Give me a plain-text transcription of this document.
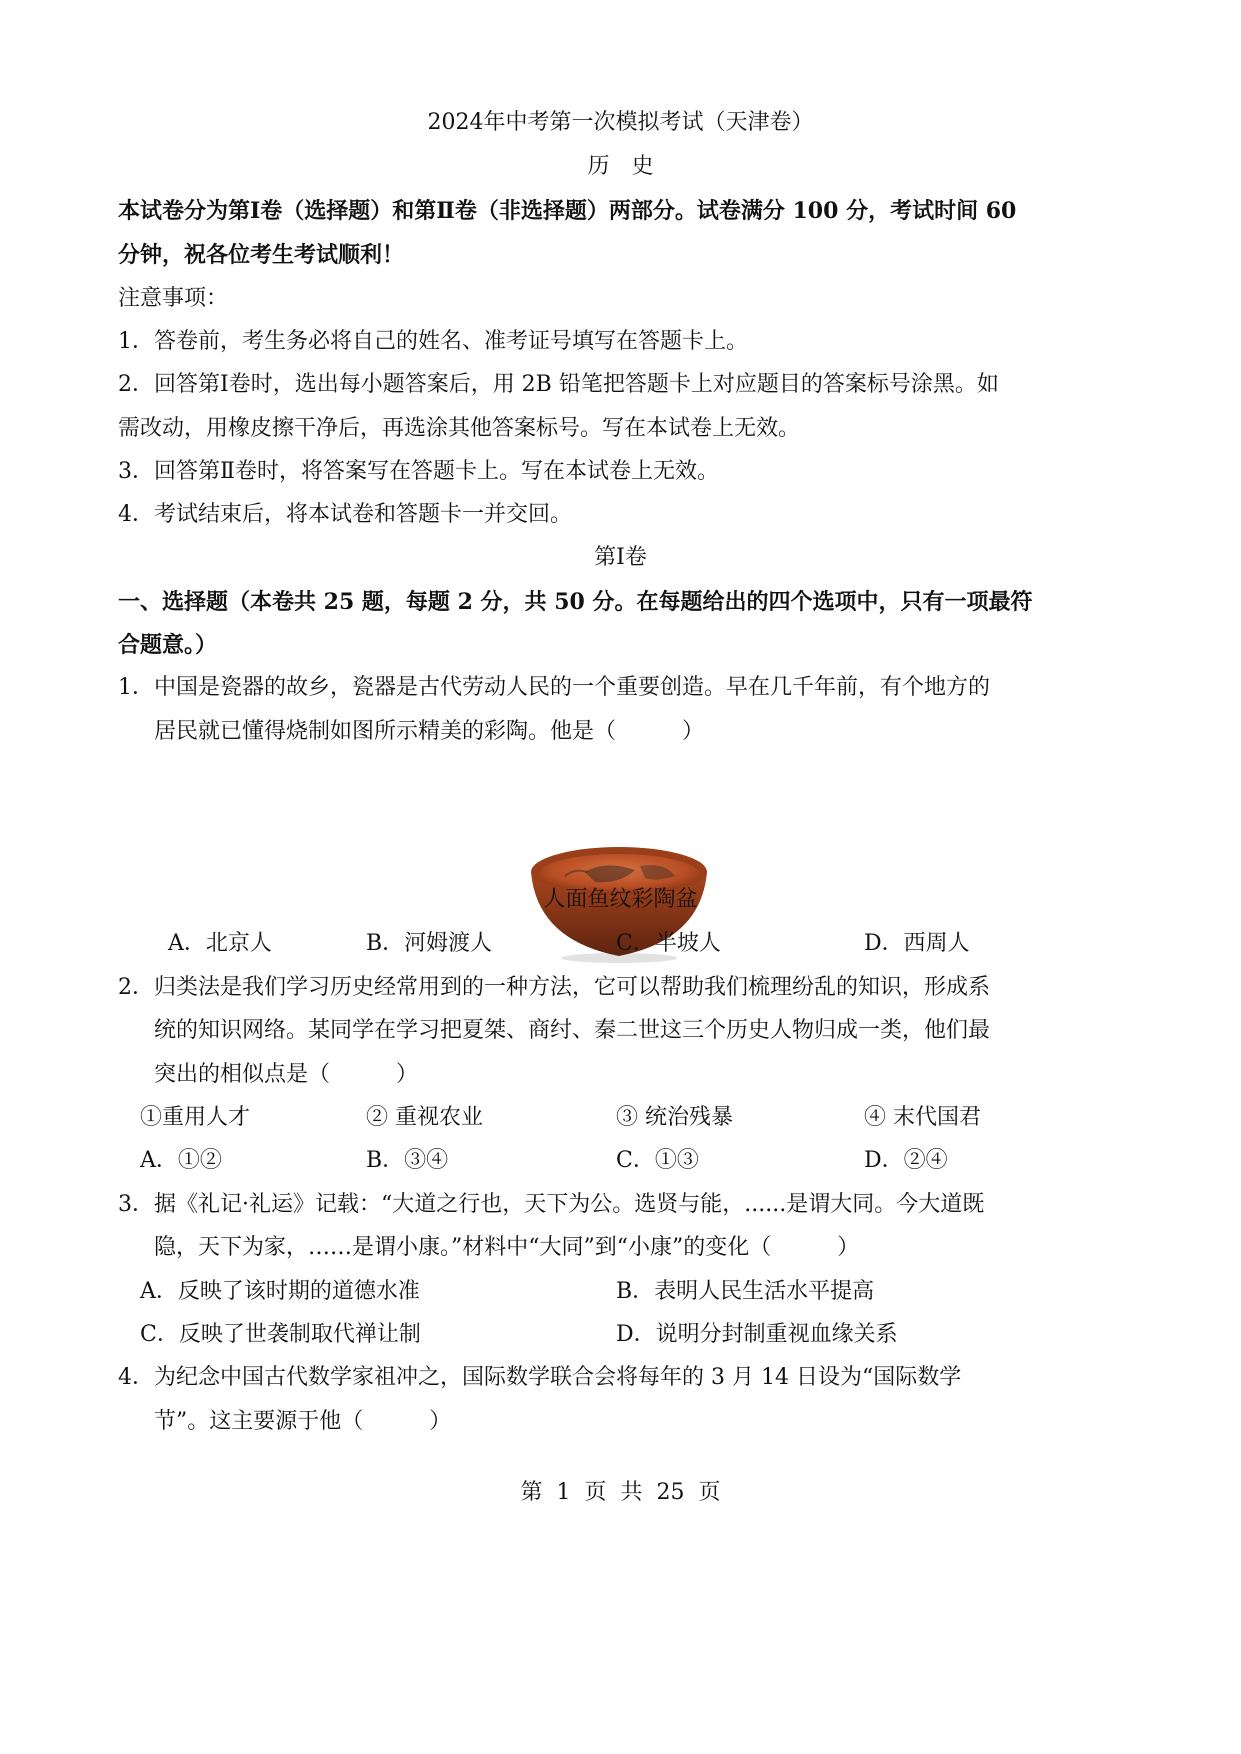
2024年中考第一次模拟考试（天津卷）
历　史
本试卷分为第Ⅰ卷（选择题）和第Ⅱ卷（非选择题）两部分。试卷满分 100 分，考试时间 60
分钟，祝各位考生考试顺利！
注意事项：
1．答卷前，考生务必将自己的姓名、准考证号填写在答题卡上。
2．回答第Ⅰ卷时，选出每小题答案后，用 2B 铅笔把答题卡上对应题目的答案标号涂黑。如
需改动，用橡皮擦干净后，再选涂其他答案标号。写在本试卷上无效。
3．回答第Ⅱ卷时，将答案写在答题卡上。写在本试卷上无效。
4．考试结束后，将本试卷和答题卡一并交回。
第Ⅰ卷
一、选择题（本卷共 25 题，每题 2 分，共 50 分。在每题给出的四个选项中，只有一项最符
合题意。）
1．中国是瓷器的故乡，瓷器是古代劳动人民的一个重要创造。早在几千年前，有个地方的
居民就已懂得烧制如图所示精美的彩陶。他是（　　　）
人面鱼纹彩陶盆
A．北京人	B．河姆渡人	C．半坡人	D．西周人
2．归类法是我们学习历史经常用到的一种方法，它可以帮助我们梳理纷乱的知识，形成系
统的知识网络。某同学在学习把夏桀、商纣、秦二世这三个历史人物归成一类，他们最
突出的相似点是（　　　）
①重用人才	② 重视农业	③ 统治残暴	④ 末代国君
A．①②	B．③④	C．①③	D．②④
3．据《礼记·礼运》记载：“大道之行也，天下为公。选贤与能，......是谓大同。今大道既
隐，天下为家，……是谓小康。”材料中“大同”到“小康”的变化（　　　）
A．反映了该时期的道德水准	B．表明人民生活水平提高
C．反映了世袭制取代禅让制	D．说明分封制重视血缘关系
4．为纪念中国古代数学家祖冲之，国际数学联合会将每年的 3 月 14 日设为“国际数学
节”。这主要源于他（　　　）
第  1  页  共  25  页
